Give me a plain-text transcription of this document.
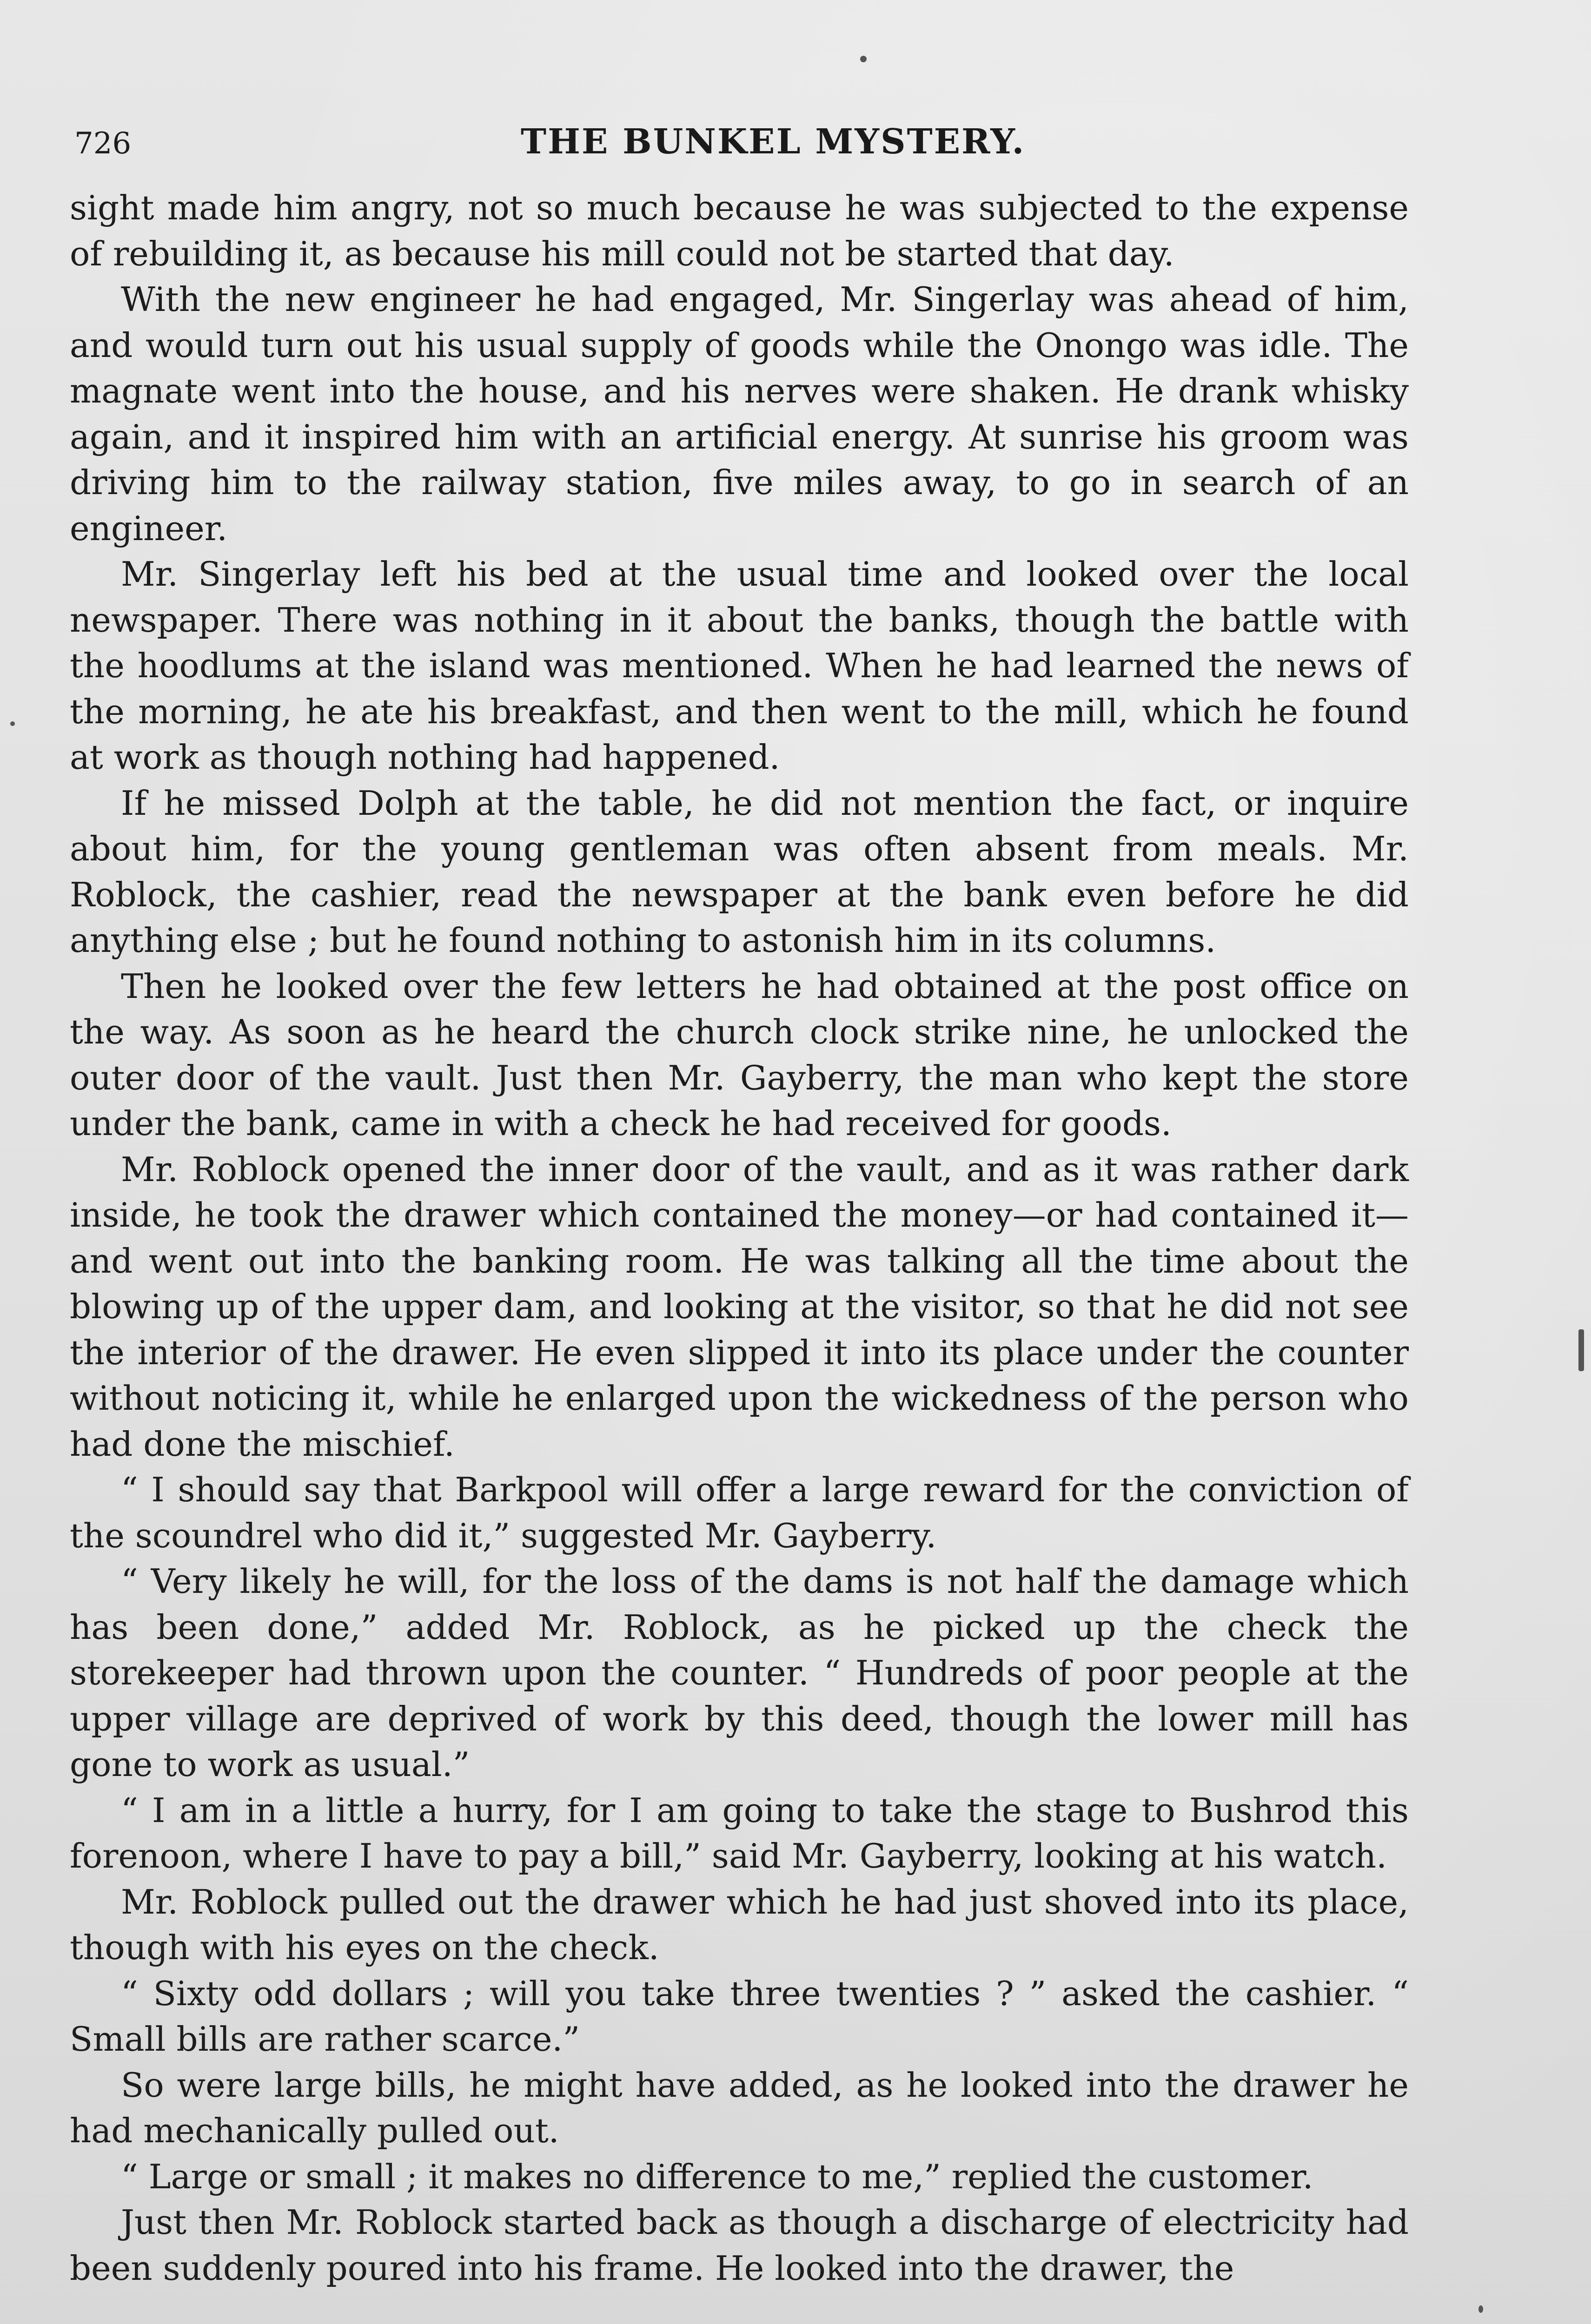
726	THE BUNKEL MYSTERY.

sight made him angry, not so much because he was subjected to the expense of rebuilding it, as because his mill could not be started that day.

With the new engineer he had engaged, Mr. Singerlay was ahead of him, and would turn out his usual supply of goods while the Onongo was idle. The magnate went into the house, and his nerves were shaken. He drank whisky again, and it inspired him with an artificial energy. At sunrise his groom was driving him to the railway station, five miles away, to go in search of an engineer.

Mr. Singerlay left his bed at the usual time and looked over the local newspaper. There was nothing in it about the banks, though the battle with the hoodlums at the island was mentioned. When he had learned the news of the morning, he ate his breakfast, and then went to the mill, which he found at work as though nothing had happened.

If he missed Dolph at the table, he did not mention the fact, or inquire about him, for the young gentleman was often absent from meals. Mr. Roblock, the cashier, read the newspaper at the bank even before he did anything else ; but he found nothing to astonish him in its columns.

Then he looked over the few letters he had obtained at the post office on the way. As soon as he heard the church clock strike nine, he unlocked the outer door of the vault. Just then Mr. Gayberry, the man who kept the store under the bank, came in with a check he had received for goods.

Mr. Roblock opened the inner door of the vault, and as it was rather dark inside, he took the drawer which contained the money—or had contained it—and went out into the banking room. He was talking all the time about the blowing up of the upper dam, and looking at the visitor, so that he did not see the interior of the drawer. He even slipped it into its place under the counter without noticing it, while he enlarged upon the wickedness of the person who had done the mischief.

“ I should say that Barkpool will offer a large reward for the conviction of the scoundrel who did it,” suggested Mr. Gayberry.

“ Very likely he will, for the loss of the dams is not half the damage which has been done,” added Mr. Roblock, as he picked up the check the storekeeper had thrown upon the counter. “ Hundreds of poor people at the upper village are deprived of work by this deed, though the lower mill has gone to work as usual.”

“ I am in a little a hurry, for I am going to take the stage to Bushrod this forenoon, where I have to pay a bill,” said Mr. Gayberry, looking at his watch.

Mr. Roblock pulled out the drawer which he had just shoved into its place, though with his eyes on the check.

“ Sixty odd dollars ; will you take three twenties ? ” asked the cashier. “ Small bills are rather scarce.”

So were large bills, he might have added, as he looked into the drawer he had mechanically pulled out.

“ Large or small ; it makes no difference to me,” replied the customer.

Just then Mr. Roblock started back as though a discharge of electricity had been suddenly poured into his frame. He looked into the drawer, the
